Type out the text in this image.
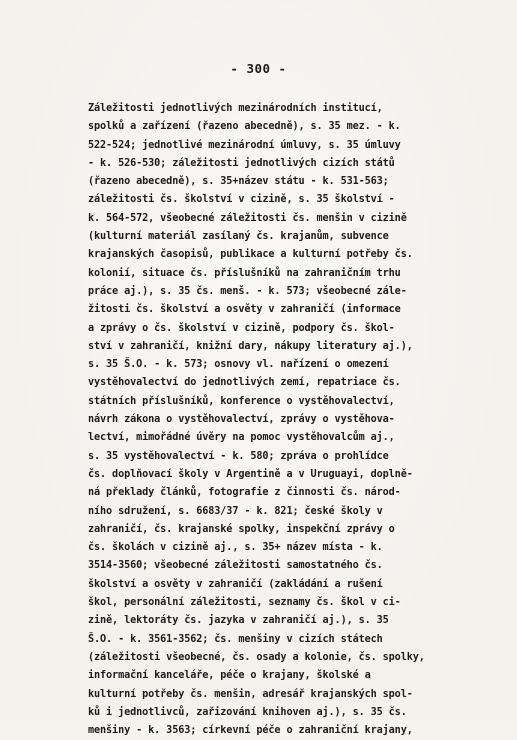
- 300 -
Záležitosti jednotlivých mezinárodních institucí,
spolků a zařízení (řazeno abecedně), s. 35 mez. - k.
522-524; jednotlivé mezinárodní úmluvy, s. 35 úmluvy
- k. 526-530; záležitosti jednotlivých cizích států
(řazeno abecedně), s. 35+název státu - k. 531-563;
záležitosti čs. školství v cizině, s. 35 školství -
k. 564-572, všeobecné záležitosti čs. menšin v cizině
(kulturní materiál zasílaný čs. krajanům, subvence
krajanských časopisů, publikace a kulturní potřeby čs.
kolonií, situace čs. příslušníků na zahraničním trhu
práce aj.), s. 35 čs. menš. - k. 573; všeobecné zále-
žitosti čs. školství a osvěty v zahraničí (informace
a zprávy o čs. školství v cizině, podpory čs. škol-
ství v zahraničí, knižní dary, nákupy literatury aj.),
s. 35 Š.O. - k. 573; osnovy vl. nařízení o omezení
vystěhovalectví do jednotlivých zemí, repatriace čs.
státních příslušníků, konference o vystěhovalectví,
návrh zákona o vystěhovalectví, zprávy o vystěhova-
lectví, mimořádné úvěry na pomoc vystěhovalcům aj.,
s. 35 vystěhovalectví - k. 580; zpráva o prohlídce
čs. doplňovací školy v Argentině a v Uruguayi, doplně-
ná překlady článků, fotografie z činnosti čs. národ-
ního sdružení, s. 6683/37 - k. 821; české školy v
zahraničí, čs. krajanské spolky, inspekční zprávy o
čs. školách v cizině aj., s. 35+ název místa - k.
3514-3560; všeobecné záležitosti samostatného čs.
školství a osvěty v zahraničí (zakládání a rušení
škol, personální záležitosti, seznamy čs. škol v ci-
zině, lektoráty čs. jazyka v zahraničí aj.), s. 35
Š.O. - k. 3561-3562; čs. menšiny v cizích státech
(záležitosti všeobecné, čs. osady a kolonie, čs. spolky,
informační kanceláře, péče o krajany, školské a
kulturní potřeby čs. menšin, adresář krajanských spol-
ků i jednotlivců, zařizování knihoven aj.), s. 35 čs.
menšiny - k. 3563; církevní péče o zahraniční krajany,
